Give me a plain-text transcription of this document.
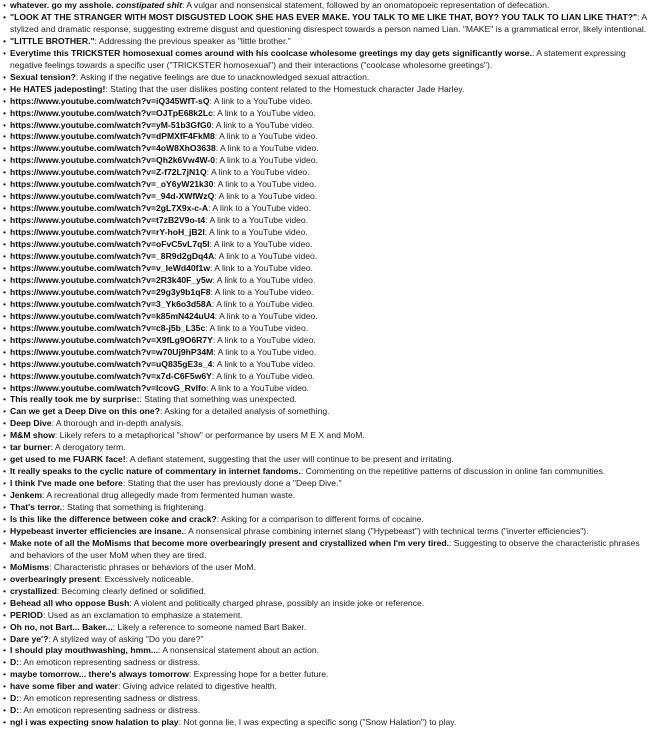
• whatever. go my asshole. constipated shit: A vulgar and nonsensical statement, followed by an onomatopoeic representation of defecation.
• "LOOK AT THE STRANGER WITH MOST DISGUSTED LOOK SHE HAS EVER MAKE. YOU TALK TO ME LIKE THAT, BOY? YOU TALK TO LIAN LIKE THAT?": A stylized and dramatic response, suggesting extreme disgust and questioning disrespect towards a person named Lian. "MAKE" is a grammatical error, likely intentional.
• "LITTLE BROTHER.": Addressing the previous speaker as "little brother."
• Everytime this TRICKSTER homosexual comes around with his coolcase wholesome greetings my day gets significantly worse.: A statement expressing negative feelings towards a specific user ("TRICKSTER homosexual") and their interactions ("coolcase wholesome greetings").
• Sexual tension?: Asking if the negative feelings are due to unacknowledged sexual attraction.
• He HATES jadeposting!: Stating that the user dislikes posting content related to the Homestuck character Jade Harley.
• https://www.youtube.com/watch?v=iQ345WfT-sQ: A link to a YouTube video.
• https://www.youtube.com/watch?v=OJTpE68k2Lc: A link to a YouTube video.
• https://www.youtube.com/watch?v=yM-51b3GfG0: A link to a YouTube video.
• https://www.youtube.com/watch?v=dPMXfF4FkM8: A link to a YouTube video.
• https://www.youtube.com/watch?v=4oW8XhO3638: A link to a YouTube video.
• https://www.youtube.com/watch?v=Qh2k6Vw4W-0: A link to a YouTube video.
• https://www.youtube.com/watch?v=Z-f72L7jN1Q: A link to a YouTube video.
• https://www.youtube.com/watch?v=_oY6yW21k30: A link to a YouTube video.
• https://www.youtube.com/watch?v=_94d-XWfWzQ: A link to a YouTube video.
• https://www.youtube.com/watch?v=2gL7X9x-c-A: A link to a YouTube video.
• https://www.youtube.com/watch?v=t7zB2V9o-t4: A link to a YouTube video.
• https://www.youtube.com/watch?v=rY-hoH_jB2I: A link to a YouTube video.
• https://www.youtube.com/watch?v=oFvC5vL7q5I: A link to a YouTube video.
• https://www.youtube.com/watch?v=_8R9d2gDq4A: A link to a YouTube video.
• https://www.youtube.com/watch?v=v_IeWd40f1w: A link to a YouTube video.
• https://www.youtube.com/watch?v=2R3k40F_y5w: A link to a YouTube video.
• https://www.youtube.com/watch?v=29g3y9b1qF8: A link to a YouTube video.
• https://www.youtube.com/watch?v=3_Yk6o3d58A: A link to a YouTube video.
• https://www.youtube.com/watch?v=k85mN424uU4: A link to a YouTube video.
• https://www.youtube.com/watch?v=c8-j5b_L35c: A link to a YouTube video.
• https://www.youtube.com/watch?v=X9fLg9O6R7Y: A link to a YouTube video.
• https://www.youtube.com/watch?v=w70Uj9hP34M: A link to a YouTube video.
• https://www.youtube.com/watch?v=uQ835gE3s_4: A link to a YouTube video.
• https://www.youtube.com/watch?v=x7d-C6F5w6Y: A link to a YouTube video.
• https://www.youtube.com/watch?v=lcovG_Rvlfo: A link to a YouTube video.
• This really took me by surprise:: Stating that something was unexpected.
• Can we get a Deep Dive on this one?: Asking for a detailed analysis of something.
• Deep Dive: A thorough and in-depth analysis.
• M&M show: Likely refers to a metaphorical "show" or performance by users M E X and MoM.
• tar burner: A derogatory term.
• get used to me FUARK face!: A defiant statement, suggesting that the user will continue to be present and irritating.
• It really speaks to the cyclic nature of commentary in internet fandoms.: Commenting on the repetitive patterns of discussion in online fan communities.
• I think I've made one before: Stating that the user has previously done a "Deep Dive."
• Jenkem: A recreational drug allegedly made from fermented human waste.
• That's terror.: Stating that something is frightening.
• Is this like the difference between coke and crack?: Asking for a comparison to different forms of cocaine.
• Hypebeast inverter efficiencies are insane.: A nonsensical phrase combining internet slang ("Hypebeast") with technical terms ("inverter efficiencies").
• Make note of all the MoMisms that become more overbearingly present and crystallized when I'm very tired.: Suggesting to observe the characteristic phrases and behaviors of the user MoM when they are tired.
• MoMisms: Characteristic phrases or behaviors of the user MoM.
• overbearingly present: Excessively noticeable.
• crystallized: Becoming clearly defined or solidified.
• Behead all who oppose Bush: A violent and politically charged phrase, possibly an inside joke or reference.
• PERIOD: Used as an exclamation to emphasize a statement.
• Oh no, not Bart... Baker...: Likely a reference to someone named Bart Baker.
• Dare ye'?: A stylized way of asking "Do you dare?"
• I should play mouthwashing, hmm...: A nonsensical statement about an action.
• D:: An emoticon representing sadness or distress.
• maybe tomorrow... there's always tomorrow: Expressing hope for a better future.
• have some fiber and water: Giving advice related to digestive health.
• D:: An emoticon representing sadness or distress.
• D:: An emoticon representing sadness or distress.
• ngl i was expecting snow halation to play: Not gonna lie, I was expecting a specific song ("Snow Halation") to play.
